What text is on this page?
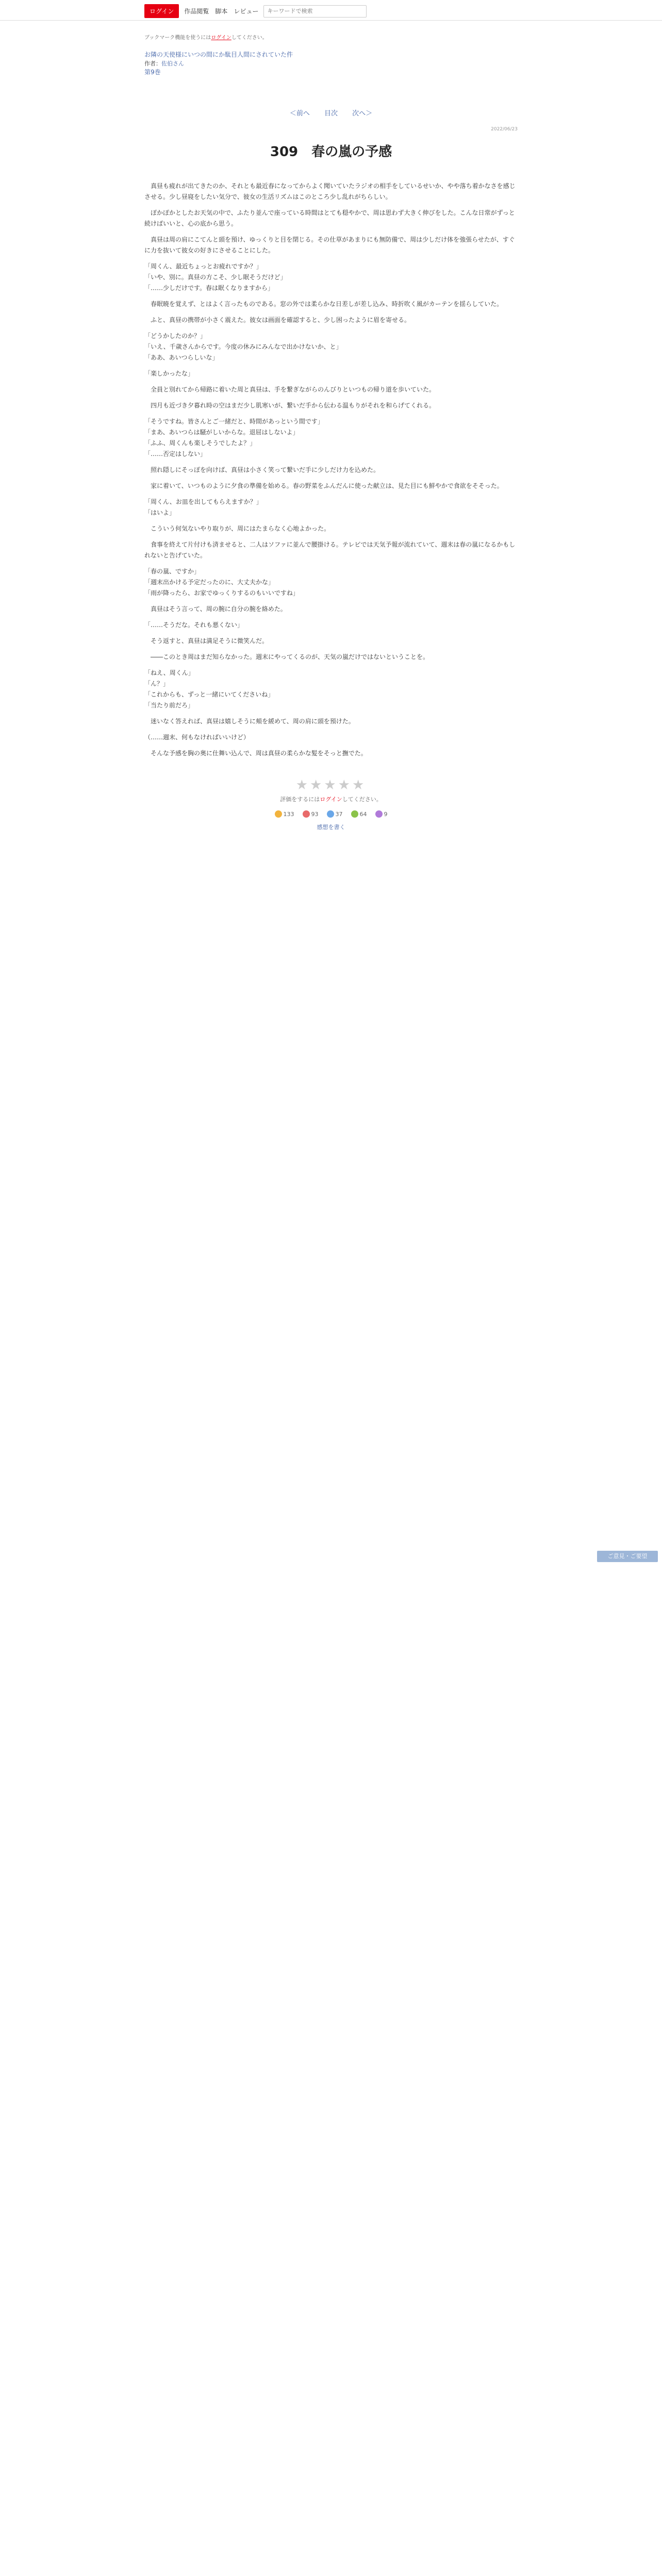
ログイン	作品閲覧 脚本 レビュー
キーワードで検索
ブックマーク機能を使うにはログインしてください。
お隣の天使様にいつの間にか駄目人間にされていた件
作者：佐伯さん
第9巻
＜前へ 目次 次へ＞
2022/06/23
309　春の嵐の予感

　真昼も疲れが出てきたのか、それとも最近春になってからよく聞いていたラジオの相手をしているせいか、やや落ち着かなさを感じさせる。少し昼寝をしたい気分で、彼女の生活リズムはこのところ少し乱れがちらしい。

　ぽかぽかとしたお天気の中で、ふたり並んで座っている時間はとても穏やかで、周は思わず大きく伸びをした。こんな日常がずっと続けばいいと、心の底から思う。

　真昼は周の肩にこてんと頭を預け、ゆっくりと目を閉じる。その仕草があまりにも無防備で、周は少しだけ体を強張らせたが、すぐに力を抜いて彼女の好きにさせることにした。

「周くん、最近ちょっとお疲れですか？」
「いや、別に。真昼の方こそ、少し眠そうだけど」
「……少しだけです。春は眠くなりますから」

　春眠暁を覚えず、とはよく言ったものである。窓の外では柔らかな日差しが差し込み、時折吹く風がカーテンを揺らしていた。

　ふと、真昼の携帯が小さく震えた。彼女は画面を確認すると、少し困ったように眉を寄せる。

「どうかしたのか？」
「いえ、千歳さんからです。今度の休みにみんなで出かけないか、と」
「ああ、あいつらしいな」

「楽しかったな」

　全員と別れてから帰路に着いた周と真昼は、手を繋ぎながらのんびりといつもの帰り道を歩いていた。

　四月も近づき夕暮れ時の空はまだ少し肌寒いが、繋いだ手から伝わる温もりがそれを和らげてくれる。

「そうですね。皆さんとご一緒だと、時間があっという間です」
「まあ、あいつらは騒がしいからな。退屈はしないよ」
「ふふ、周くんも楽しそうでしたよ？」
「……否定はしない」

　照れ隠しにそっぽを向けば、真昼は小さく笑って繋いだ手に少しだけ力を込めた。

　家に着いて、いつものように夕食の準備を始める。春の野菜をふんだんに使った献立は、見た目にも鮮やかで食欲をそそった。

「周くん、お皿を出してもらえますか？」
「はいよ」

　こういう何気ないやり取りが、周にはたまらなく心地よかった。

　食事を終えて片付けも済ませると、二人はソファに並んで腰掛ける。テレビでは天気予報が流れていて、週末は春の嵐になるかもしれないと告げていた。

「春の嵐、ですか」
「週末出かける予定だったのに、大丈夫かな」
「雨が降ったら、お家でゆっくりするのもいいですね」

　真昼はそう言って、周の腕に自分の腕を絡めた。

「……そうだな。それも悪くない」

　そう返すと、真昼は満足そうに微笑んだ。

　――このとき周はまだ知らなかった。週末にやってくるのが、天気の嵐だけではないということを。

「ねえ、周くん」
「ん？」
「これからも、ずっと一緒にいてくださいね」
「当たり前だろ」

　迷いなく答えれば、真昼は嬉しそうに頬を緩めて、周の肩に頭を預けた。

（……週末、何もなければいいけど）

　そんな予感を胸の奥に仕舞い込んで、周は真昼の柔らかな髪をそっと撫でた。

★★★★★
評価をするにはログインしてください。
133	93	37	64	9
感想を書く
ご意見・ご要望
